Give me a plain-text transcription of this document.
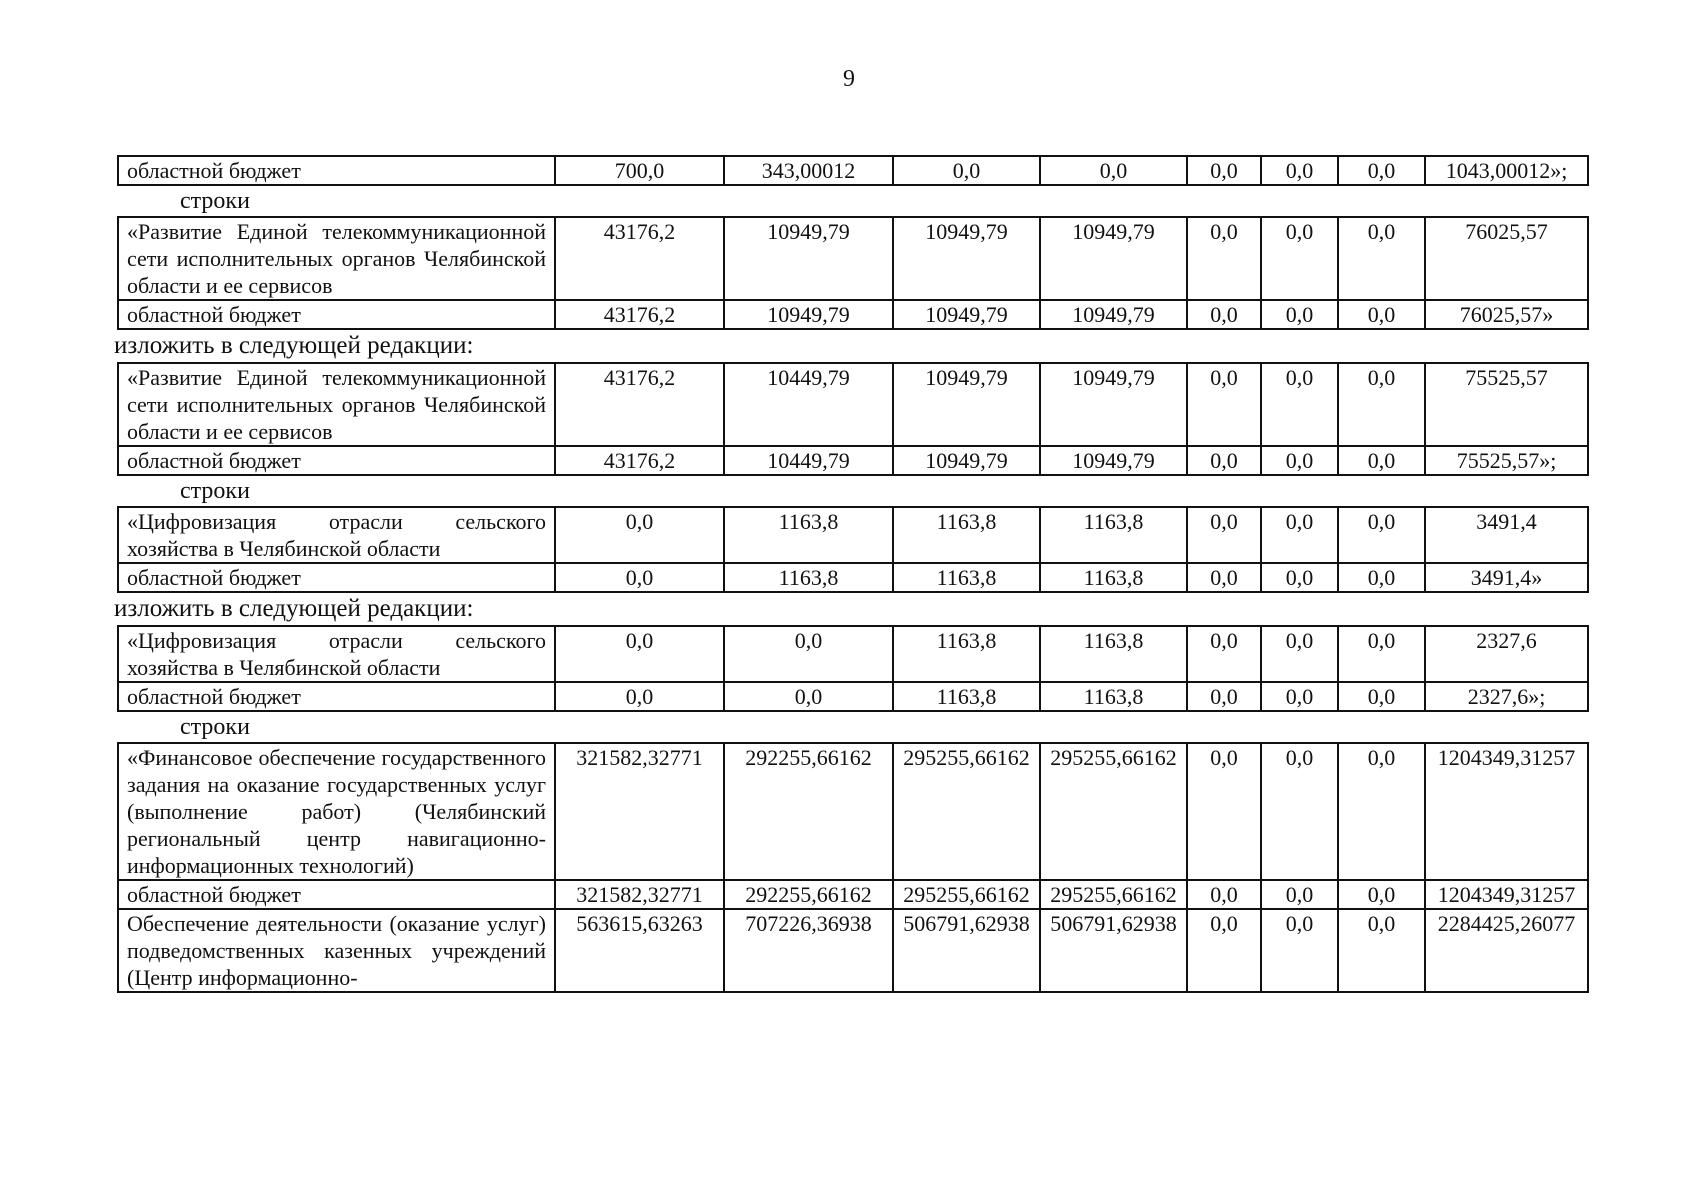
9
областной бюджет	700,0	343,00012	0,0	0,0	0,0	0,0	0,0	1043,00012»;
строки
«Развитие Единой телекоммуникационной сети исполнительных органов Челябинской области и ее сервисов	43176,2	10949,79	10949,79	10949,79	0,0	0,0	0,0	76025,57
областной бюджет	43176,2	10949,79	10949,79	10949,79	0,0	0,0	0,0	76025,57»
изложить в следующей редакции:
«Развитие Единой телекоммуникационной сети исполнительных органов Челябинской области и ее сервисов	43176,2	10449,79	10949,79	10949,79	0,0	0,0	0,0	75525,57
областной бюджет	43176,2	10449,79	10949,79	10949,79	0,0	0,0	0,0	75525,57»;
строки
«Цифровизация отрасли сельского хозяйства в Челябинской области	0,0	1163,8	1163,8	1163,8	0,0	0,0	0,0	3491,4
областной бюджет	0,0	1163,8	1163,8	1163,8	0,0	0,0	0,0	3491,4»
изложить в следующей редакции:
«Цифровизация отрасли сельского хозяйства в Челябинской области	0,0	0,0	1163,8	1163,8	0,0	0,0	0,0	2327,6
областной бюджет	0,0	0,0	1163,8	1163,8	0,0	0,0	0,0	2327,6»;
строки
«Финансовое обеспечение государственного задания на оказание государственных услуг (выполнение работ) (Челябинский региональный центр навигационно-информационных технологий)	321582,32771	292255,66162	295255,66162	295255,66162	0,0	0,0	0,0	1204349,31257
областной бюджет	321582,32771	292255,66162	295255,66162	295255,66162	0,0	0,0	0,0	1204349,31257
Обеспечение деятельности (оказание услуг) подведомственных казенных учреждений (Центр информационно-	563615,63263	707226,36938	506791,62938	506791,62938	0,0	0,0	0,0	2284425,26077
